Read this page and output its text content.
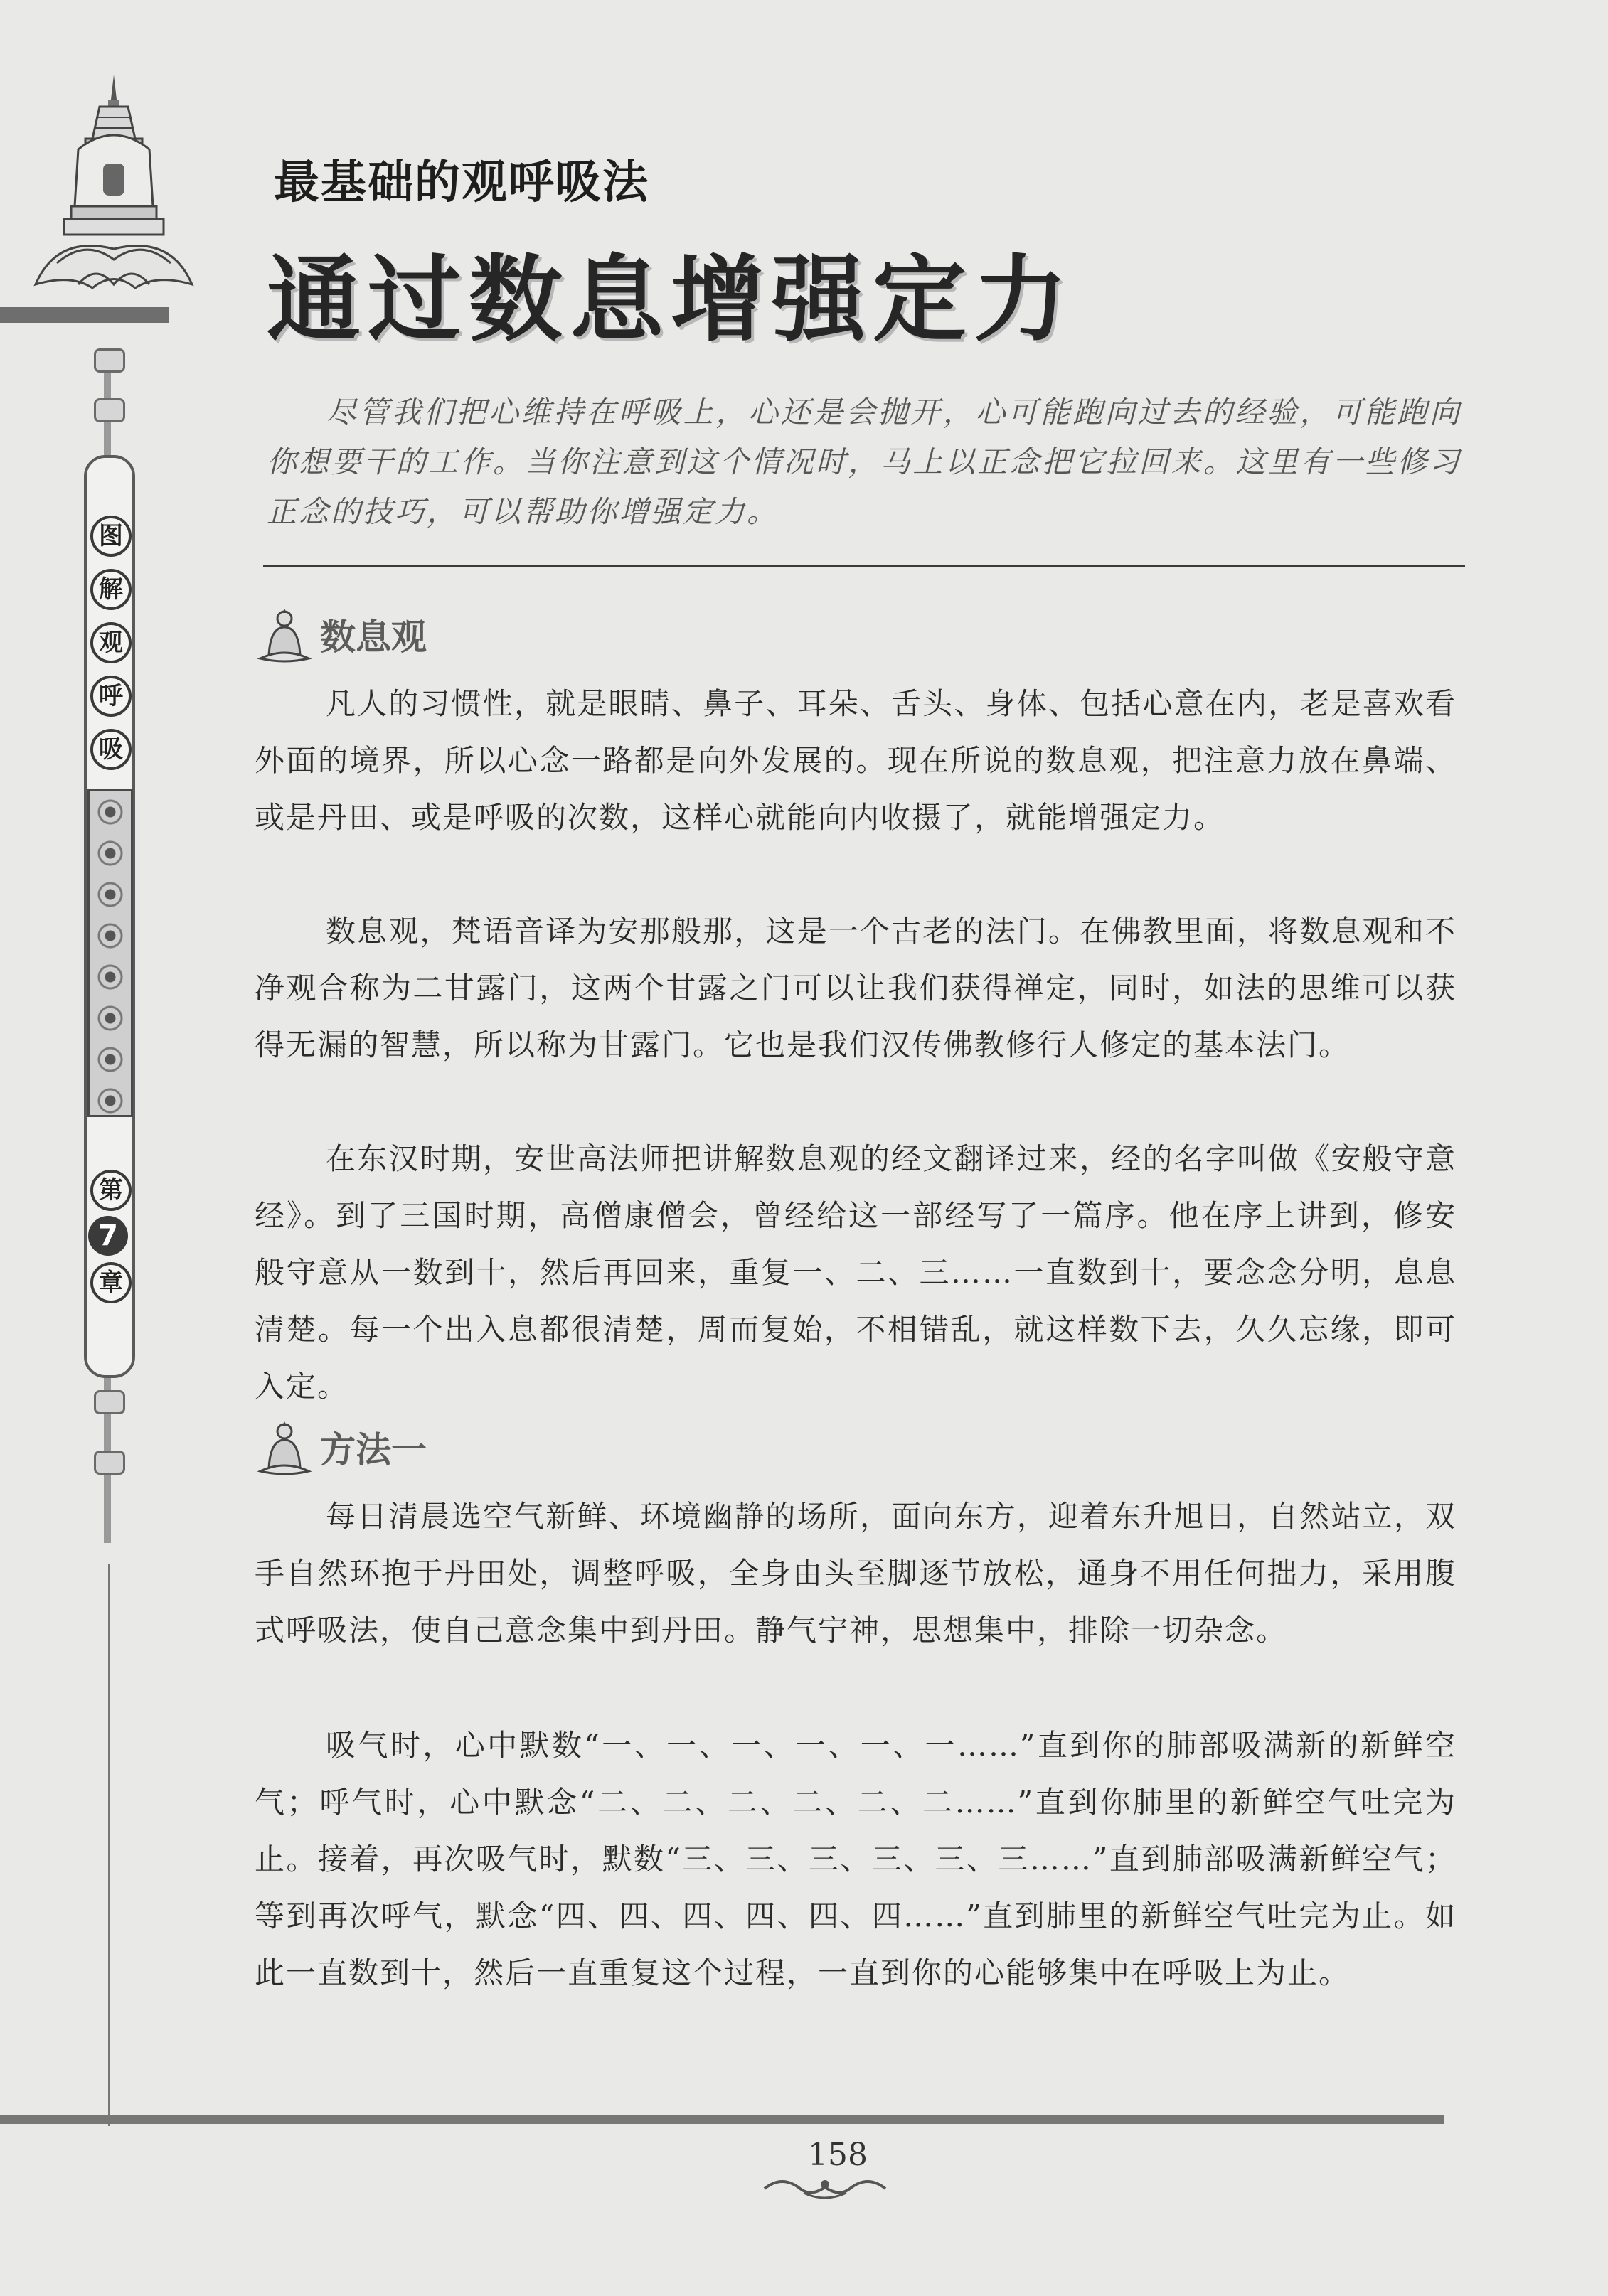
最基础的观呼吸法
通过数息增强定力
图
解
观
呼
吸
第
7
章
尽管我们把心维持在呼吸上，心还是会抛开，心可能跑向过去的经验，可能跑向你想要干的工作。当你注意到这个情况时，马上以正念把它拉回来。这里有一些修习正念的技巧，可以帮助你增强定力。
数息观
凡人的习惯性，就是眼睛、鼻子、耳朵、舌头、身体、包括心意在内，老是喜欢看外面的境界，所以心念一路都是向外发展的。现在所说的数息观，把注意力放在鼻端、或是丹田、或是呼吸的次数，这样心就能向内收摄了，就能增强定力。
数息观，梵语音译为安那般那，这是一个古老的法门。在佛教里面，将数息观和不净观合称为二甘露门，这两个甘露之门可以让我们获得禅定，同时，如法的思维可以获得无漏的智慧，所以称为甘露门。它也是我们汉传佛教修行人修定的基本法门。
在东汉时期，安世高法师把讲解数息观的经文翻译过来，经的名字叫做《安般守意经》。到了三国时期，高僧康僧会，曾经给这一部经写了一篇序。他在序上讲到，修安般守意从一数到十，然后再回来，重复一、二、三……一直数到十，要念念分明，息息清楚。每一个出入息都很清楚，周而复始，不相错乱，就这样数下去，久久忘缘，即可入定。
方法一
每日清晨选空气新鲜、环境幽静的场所，面向东方，迎着东升旭日，自然站立，双手自然环抱于丹田处，调整呼吸，全身由头至脚逐节放松，通身不用任何拙力，采用腹式呼吸法，使自己意念集中到丹田。静气宁神，思想集中，排除一切杂念。
吸气时，心中默数“一、一、一、一、一、一……”直到你的肺部吸满新的新鲜空气；呼气时，心中默念“二、二、二、二、二、二……”直到你肺里的新鲜空气吐完为止。接着，再次吸气时，默数“三、三、三、三、三、三……”直到肺部吸满新鲜空气；等到再次呼气，默念“四、四、四、四、四、四……”直到肺里的新鲜空气吐完为止。如此一直数到十，然后一直重复这个过程，一直到你的心能够集中在呼吸上为止。
158
